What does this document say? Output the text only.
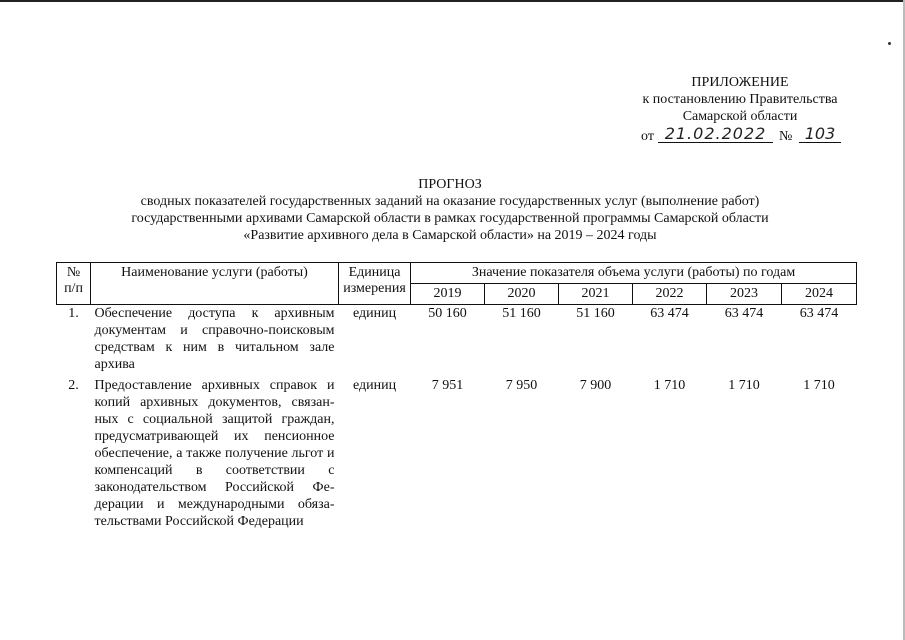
ПРИЛОЖЕНИЕ
к постановлению Правительства
Самарской области
от 21.02.2022 № 103
ПРОГНОЗ
сводных показателей государственных заданий на оказание государственных услуг (выполнение работ)
государственными архивами Самарской области в рамках государственной программы Самарской области
«Развитие архивного дела в Самарской области» на 2019 – 2024 годы
№ п/п	Наименование услуги (работы)	Единица измерения	Значение показателя объема услуги (работы) по годам					
			2019	2020	2021	2022	2023	2024
1.	Обеспечение доступа к архивным документам и справочно-поисковым средствам к ним в читальном зале архива	единиц	50 160	51 160	51 160	63 474	63 474	63 474
2.	Предоставление архивных справок и копий архивных документов, связан-ных с социальной защитой граждан, предусматривающей их пенсионное обеспечение, а также получение льгот и компенсаций в соответствии с законодательством Российской Фе-дерации и международными обяза-тельствами Российской Федерации	единиц	7 951	7 950	7 900	1 710	1 710	1 710
